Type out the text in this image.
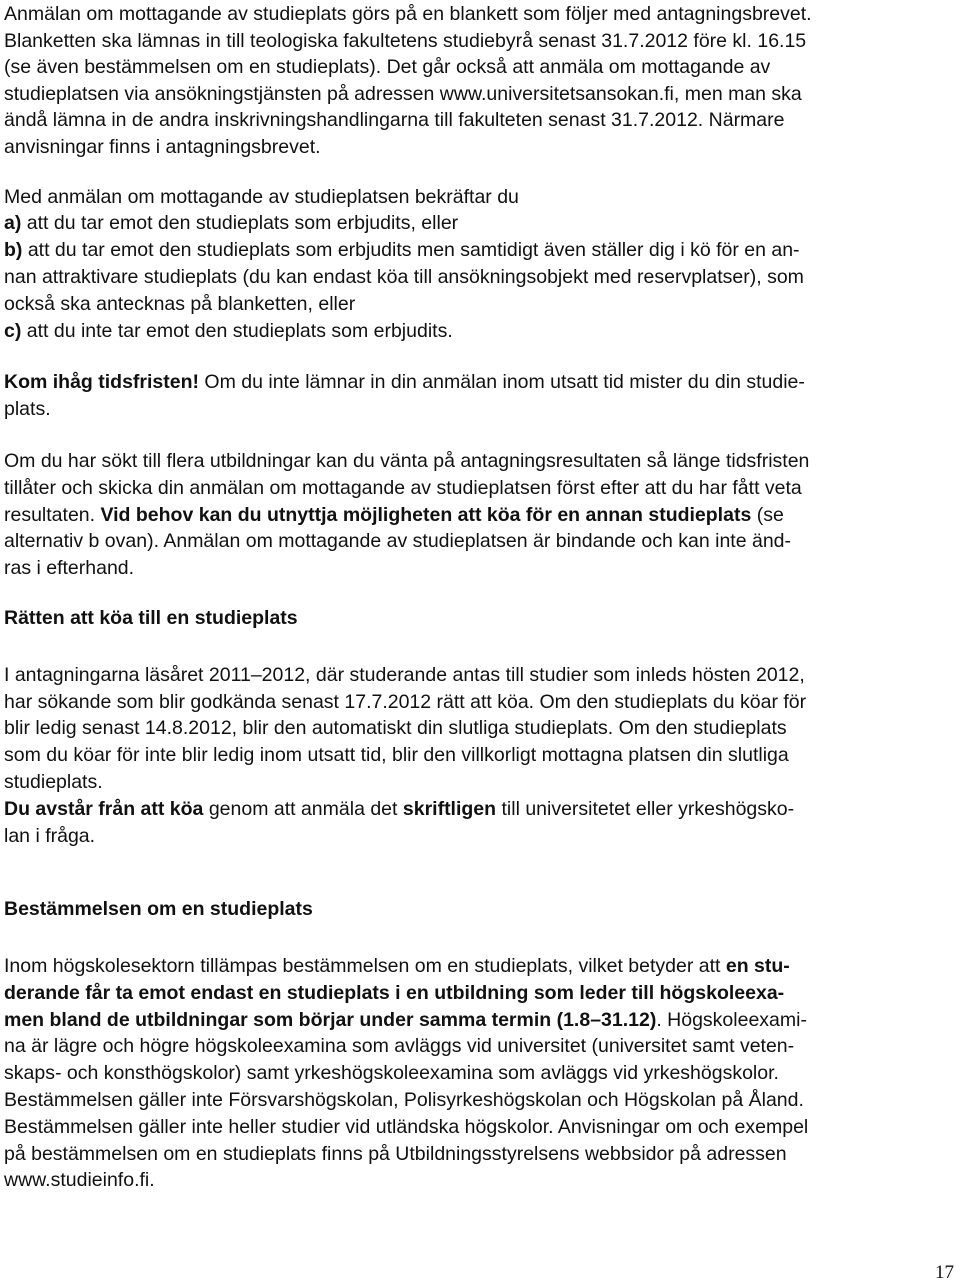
Anmälan om mottagande av studieplats görs på en blankett som följer med antagningsbrevet.
Blanketten ska lämnas in till teologiska fakultetens studiebyrå senast 31.7.2012 före kl. 16.15
(se även bestämmelsen om en studieplats). Det går också att anmäla om mottagande av
studieplatsen via ansökningstjänsten på adressen www.universitetsansokan.fi, men man ska
ändå lämna in de andra inskrivningshandlingarna till fakulteten senast 31.7.2012. Närmare
anvisningar finns i antagningsbrevet.

Med anmälan om mottagande av studieplatsen bekräftar du
a) att du tar emot den studieplats som erbjudits, eller
b) att du tar emot den studieplats som erbjudits men samtidigt även ställer dig i kö för en an-
nan attraktivare studieplats (du kan endast köa till ansökningsobjekt med reservplatser), som
också ska antecknas på blanketten, eller
c) att du inte tar emot den studieplats som erbjudits.

Kom ihåg tidsfristen! Om du inte lämnar in din anmälan inom utsatt tid mister du din studie-
plats.

Om du har sökt till flera utbildningar kan du vänta på antagningsresultaten så länge tidsfristen
tillåter och skicka din anmälan om mottagande av studieplatsen först efter att du har fått veta
resultaten. Vid behov kan du utnyttja möjligheten att köa för en annan studieplats (se
alternativ b ovan). Anmälan om mottagande av studieplatsen är bindande och kan inte änd-
ras i efterhand.

Rätten att köa till en studieplats

I antagningarna läsåret 2011–2012, där studerande antas till studier som inleds hösten 2012,
har sökande som blir godkända senast 17.7.2012 rätt att köa. Om den studieplats du köar för
blir ledig senast 14.8.2012, blir den automatiskt din slutliga studieplats. Om den studieplats
som du köar för inte blir ledig inom utsatt tid, blir den villkorligt mottagna platsen din slutliga
studieplats.
Du avstår från att köa genom att anmäla det skriftligen till universitetet eller yrkeshögsko-
lan i fråga.

Bestämmelsen om en studieplats

Inom högskolesektorn tillämpas bestämmelsen om en studieplats, vilket betyder att en stu-
derande får ta emot endast en studieplats i en utbildning som leder till högskoleexa-
men bland de utbildningar som börjar under samma termin (1.8–31.12). Högskoleexami-
na är lägre och högre högskoleexamina som avläggs vid universitet (universitet samt veten-
skaps- och konsthögskolor) samt yrkeshögskoleexamina som avläggs vid yrkeshögskolor.
Bestämmelsen gäller inte Försvarshögskolan, Polisyrkeshögskolan och Högskolan på Åland.
Bestämmelsen gäller inte heller studier vid utländska högskolor. Anvisningar om och exempel
på bestämmelsen om en studieplats finns på Utbildningsstyrelsens webbsidor på adressen
www.studieinfo.fi.

17
